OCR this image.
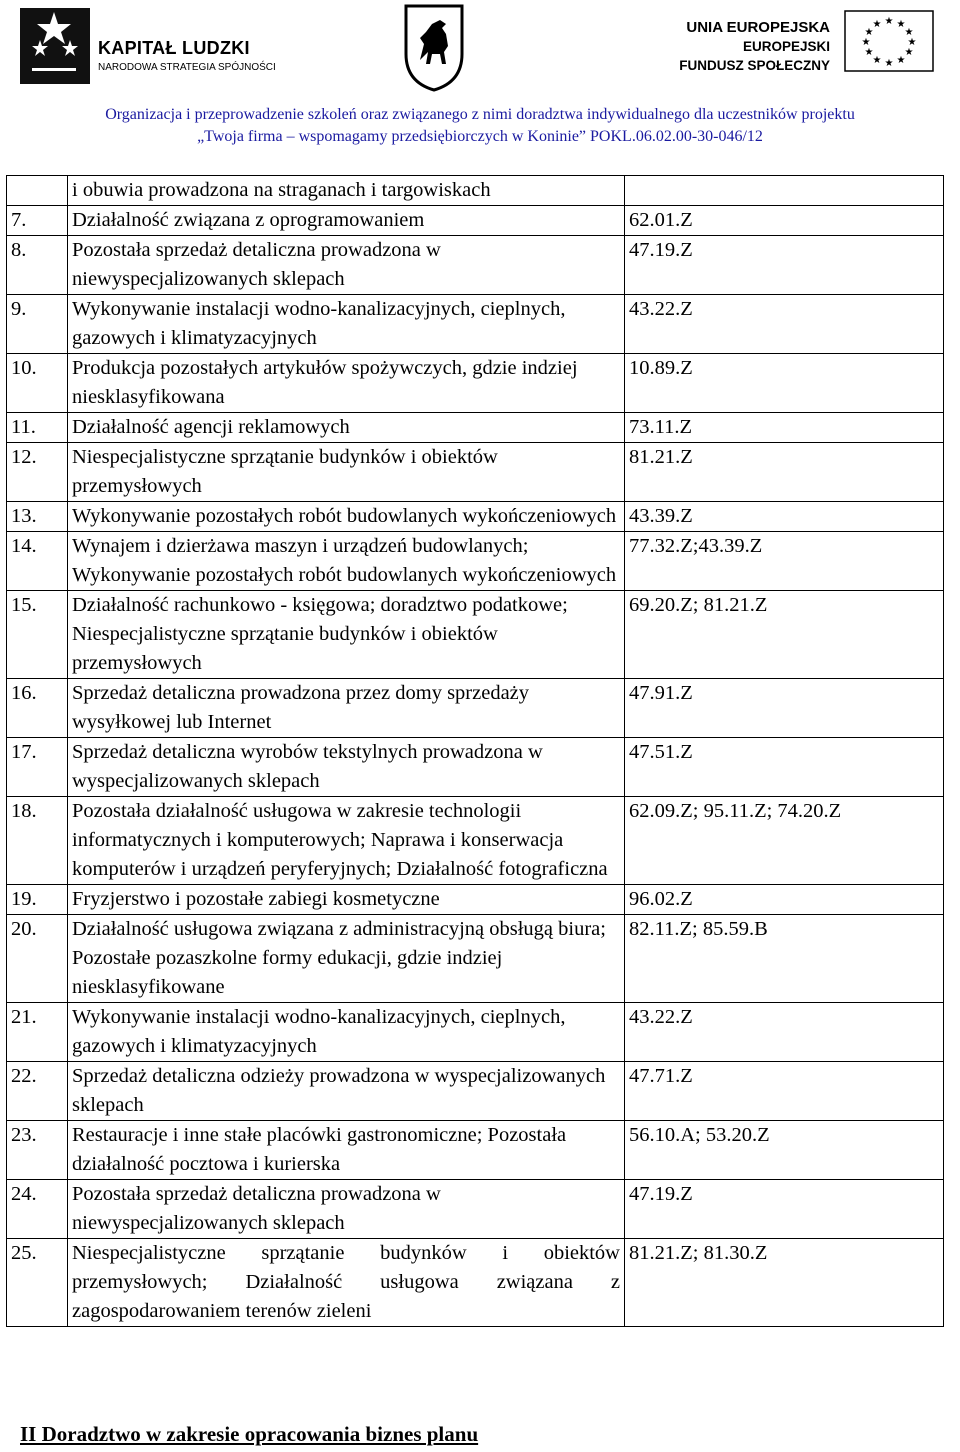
KAPITAŁ LUDZKI
NARODOWA STRATEGIA SPÓJNOŚCI
UNIA EUROPEJSKA
EUROPEJSKI
FUNDUSZ SPOŁECZNY
★ ★
★
★
★
★
★
★
★
★
★
★
Organizacja i przeprowadzenie szkoleń oraz związanego z nimi doradztwa indywidualnego dla uczestników projektu
„Twoja firma – wspomagamy przedsiębiorczych w Koninie” POKL.06.02.00-30-046/12
	i obuwia prowadzona na straganach i targowiskach	
7.	Działalność związana z oprogramowaniem	62.01.Z
8.	Pozostała sprzedaż detaliczna prowadzona w niewyspecjalizowanych sklepach	47.19.Z
9.	Wykonywanie instalacji wodno-kanalizacyjnych, cieplnych, gazowych i klimatyzacyjnych	43.22.Z
10.	Produkcja pozostałych artykułów spożywczych, gdzie indziej niesklasyfikowana	10.89.Z
11.	Działalność agencji reklamowych	73.11.Z
12.	Niespecjalistyczne sprzątanie budynków i obiektów przemysłowych	81.21.Z
13.	Wykonywanie pozostałych robót budowlanych wykończeniowych	43.39.Z
14.	Wynajem i dzierżawa maszyn i urządzeń budowlanych; Wykonywanie pozostałych robót budowlanych wykończeniowych	77.32.Z;43.39.Z
15.	Działalność rachunkowo - księgowa; doradztwo podatkowe; Niespecjalistyczne sprzątanie budynków i obiektów przemysłowych	69.20.Z; 81.21.Z
16.	Sprzedaż detaliczna prowadzona przez domy sprzedaży wysyłkowej lub Internet	47.91.Z
17.	Sprzedaż detaliczna wyrobów tekstylnych prowadzona w wyspecjalizowanych sklepach	47.51.Z
18.	Pozostała działalność usługowa w zakresie technologii informatycznych i komputerowych; Naprawa i konserwacja komputerów i urządzeń peryferyjnych; Działalność fotograficzna	62.09.Z; 95.11.Z; 74.20.Z
19.	Fryzjerstwo i pozostałe zabiegi kosmetyczne	96.02.Z
20.	Działalność usługowa związana z administracyjną obsługą biura; Pozostałe pozaszkolne formy edukacji, gdzie indziej niesklasyfikowane	82.11.Z; 85.59.B
21.	Wykonywanie instalacji wodno-kanalizacyjnych, cieplnych, gazowych i klimatyzacyjnych	43.22.Z
22.	Sprzedaż detaliczna odzieży prowadzona w wyspecjalizowanych sklepach	47.71.Z
23.	Restauracje i inne stałe placówki gastronomiczne; Pozostała działalność pocztowa i kurierska	56.10.A; 53.20.Z
24.	Pozostała sprzedaż detaliczna prowadzona w niewyspecjalizowanych sklepach	47.19.Z
25.	Niespecjalistyczne sprzątanie budynków i obiektów przemysłowych; Działalność usługowa związana z zagospodarowaniem terenów zieleni	81.21.Z; 81.30.Z
II Doradztwo w zakresie opracowania biznes planu
